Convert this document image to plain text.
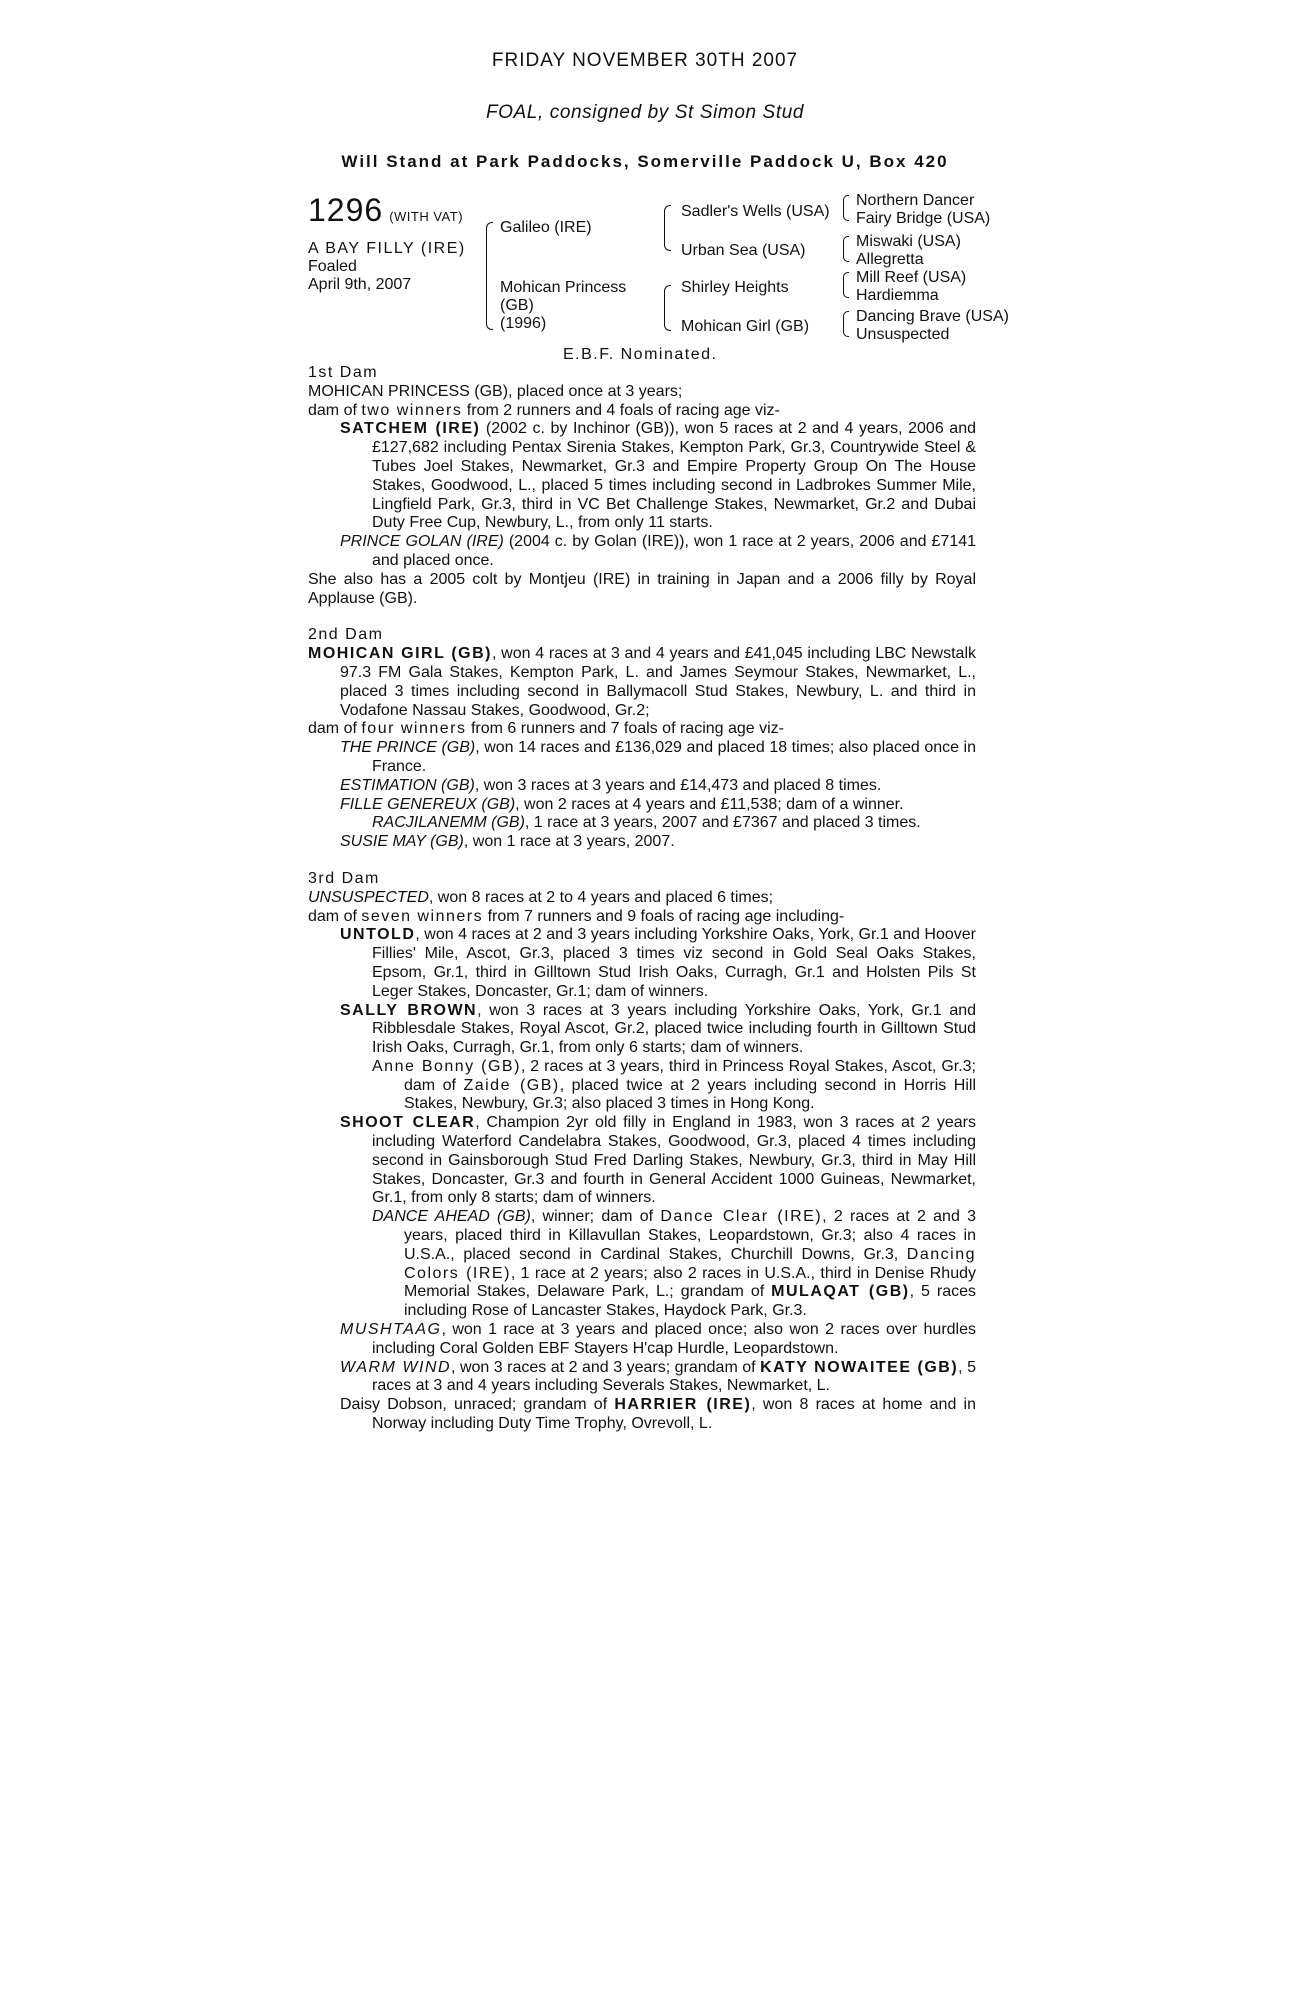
FRIDAY NOVEMBER 30TH 2007
FOAL, consigned by St Simon Stud
Will Stand at Park Paddocks, Somerville Paddock U, Box 420
1296 (WITH VAT)
A BAY FILLY (IRE)
Foaled
April 9th, 2007
Galileo (IRE)
Mohican Princess
(GB)
(1996)
Sadler's Wells (USA)
Urban Sea (USA)
Shirley Heights
Mohican Girl (GB)
Northern Dancer
Fairy Bridge (USA)
Miswaki (USA)
Allegretta
Mill Reef (USA)
Hardiemma
Dancing Brave (USA)
Unsuspected
E.B.F. Nominated.

1st Dam

MOHICAN PRINCESS (GB), placed once at 3 years;

dam of two winners from 2 runners and 4 foals of racing age viz-

SATCHEM (IRE) (2002 c. by Inchinor (GB)), won 5 races at 2 and 4 years, 2006 and £127,682 including Pentax Sirenia Stakes, Kempton Park, Gr.3, Countrywide Steel & Tubes Joel Stakes, Newmarket, Gr.3 and Empire Property Group On The House Stakes, Goodwood, L., placed 5 times including second in Ladbrokes Summer Mile, Lingfield Park, Gr.3, third in VC Bet Challenge Stakes, Newmarket, Gr.2 and Dubai Duty Free Cup, Newbury, L., from only 11 starts.

PRINCE GOLAN (IRE) (2004 c. by Golan (IRE)), won 1 race at 2 years, 2006 and £7141 and placed once.

She also has a 2005 colt by Montjeu (IRE) in training in Japan and a 2006 filly by Royal Applause (GB).

2nd Dam

MOHICAN GIRL (GB), won 4 races at 3 and 4 years and £41,045 including LBC Newstalk 97.3 FM Gala Stakes, Kempton Park, L. and James Seymour Stakes, Newmarket, L., placed 3 times including second in Ballymacoll Stud Stakes, Newbury, L. and third in Vodafone Nassau Stakes, Goodwood, Gr.2;

dam of four winners from 6 runners and 7 foals of racing age viz-

THE PRINCE (GB), won 14 races and £136,029 and placed 18 times; also placed once in France.

ESTIMATION (GB), won 3 races at 3 years and £14,473 and placed 8 times.

FILLE GENEREUX (GB), won 2 races at 4 years and £11,538; dam of a winner.

RACJILANEMM (GB), 1 race at 3 years, 2007 and £7367 and placed 3 times.

SUSIE MAY (GB), won 1 race at 3 years, 2007.

3rd Dam

UNSUSPECTED, won 8 races at 2 to 4 years and placed 6 times;

dam of seven winners from 7 runners and 9 foals of racing age including-

UNTOLD, won 4 races at 2 and 3 years including Yorkshire Oaks, York, Gr.1 and Hoover Fillies' Mile, Ascot, Gr.3, placed 3 times viz second in Gold Seal Oaks Stakes, Epsom, Gr.1, third in Gilltown Stud Irish Oaks, Curragh, Gr.1 and Holsten Pils St Leger Stakes, Doncaster, Gr.1; dam of winners.

SALLY BROWN, won 3 races at 3 years including Yorkshire Oaks, York, Gr.1 and Ribblesdale Stakes, Royal Ascot, Gr.2, placed twice including fourth in Gilltown Stud Irish Oaks, Curragh, Gr.1, from only 6 starts; dam of winners.

Anne Bonny (GB), 2 races at 3 years, third in Princess Royal Stakes, Ascot, Gr.3; dam of Zaide (GB), placed twice at 2 years including second in Horris Hill Stakes, Newbury, Gr.3; also placed 3 times in Hong Kong.

SHOOT CLEAR, Champion 2yr old filly in England in 1983, won 3 races at 2 years including Waterford Candelabra Stakes, Goodwood, Gr.3, placed 4 times including second in Gainsborough Stud Fred Darling Stakes, Newbury, Gr.3, third in May Hill Stakes, Doncaster, Gr.3 and fourth in General Accident 1000 Guineas, Newmarket, Gr.1, from only 8 starts; dam of winners.

DANCE AHEAD (GB), winner; dam of Dance Clear (IRE), 2 races at 2 and 3 years, placed third in Killavullan Stakes, Leopardstown, Gr.3; also 4 races in U.S.A., placed second in Cardinal Stakes, Churchill Downs, Gr.3, Dancing Colors (IRE), 1 race at 2 years; also 2 races in U.S.A., third in Denise Rhudy Memorial Stakes, Delaware Park, L.; grandam of MULAQAT (GB), 5 races including Rose of Lancaster Stakes, Haydock Park, Gr.3.

MUSHTAAG, won 1 race at 3 years and placed once; also won 2 races over hurdles including Coral Golden EBF Stayers H'cap Hurdle, Leopardstown.

WARM WIND, won 3 races at 2 and 3 years; grandam of KATY NOWAITEE (GB), 5 races at 3 and 4 years including Severals Stakes, Newmarket, L.

Daisy Dobson, unraced; grandam of HARRIER (IRE), won 8 races at home and in Norway including Duty Time Trophy, Ovrevoll, L.
